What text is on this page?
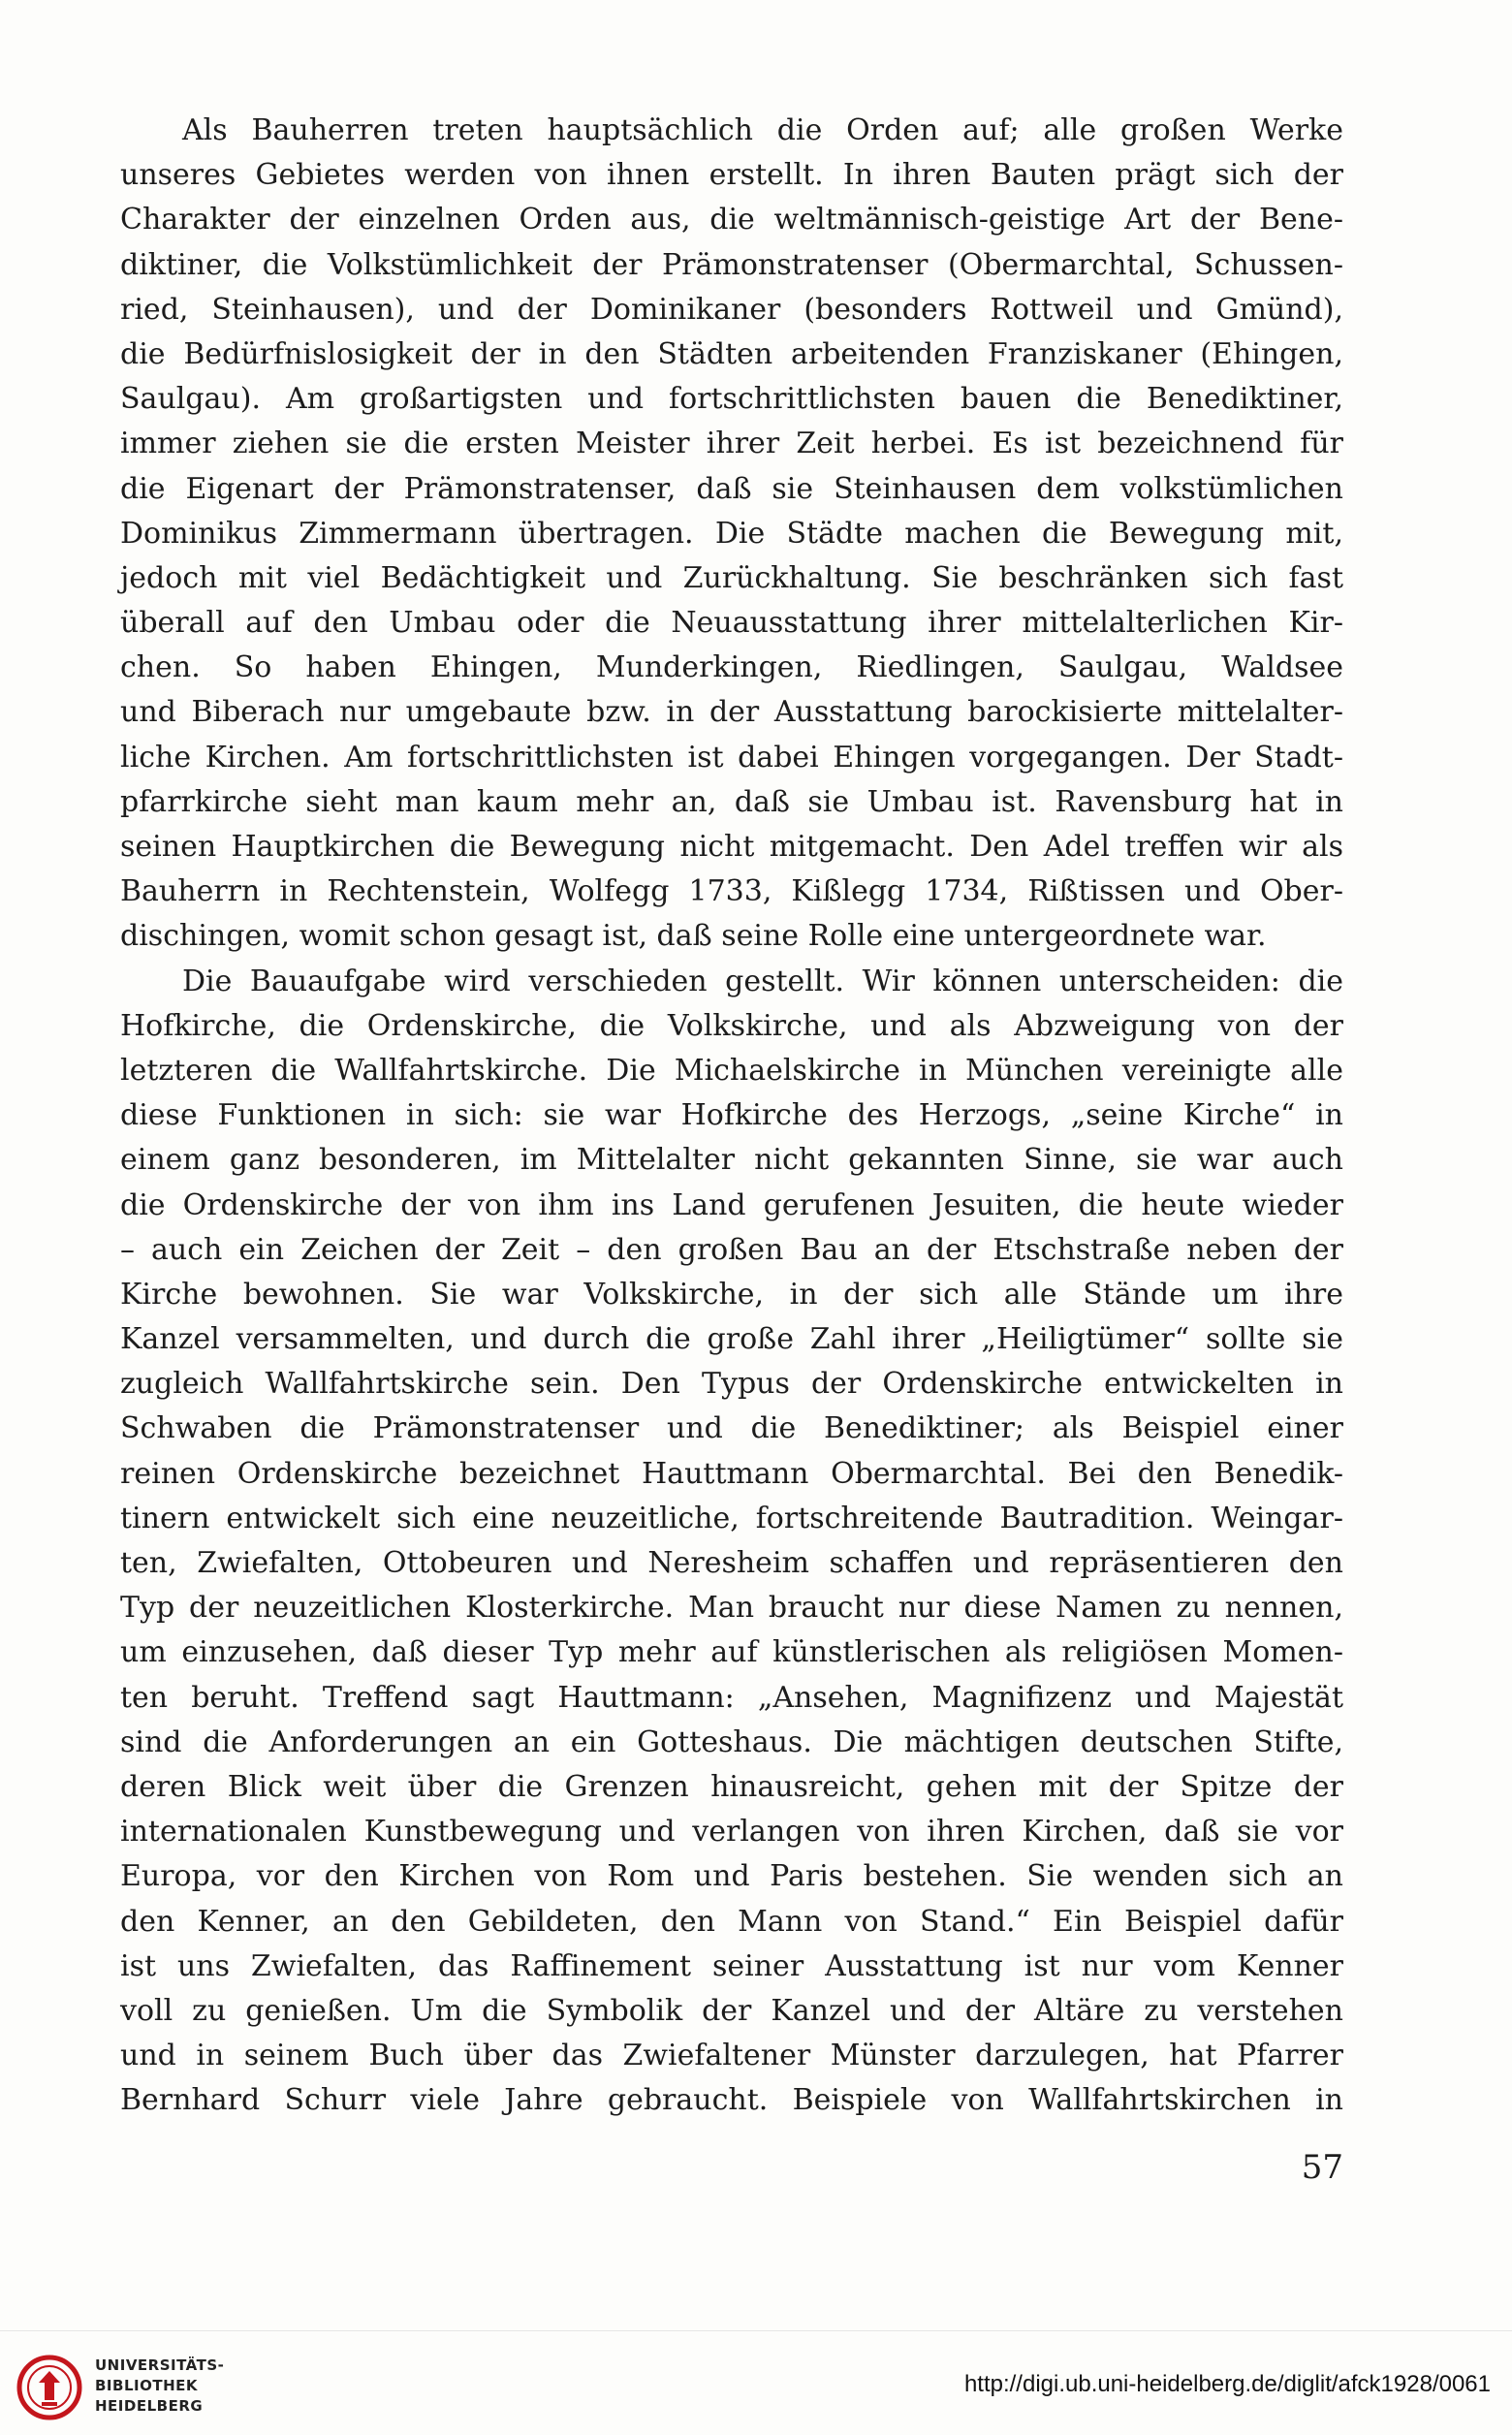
Als Bauherren treten hauptsächlich die Orden auf; alle großen Werke
unseres Gebietes werden von ihnen erstellt. In ihren Bauten prägt sich der
Charakter der einzelnen Orden aus, die weltmännisch-geistige Art der Bene-
diktiner, die Volkstümlichkeit der Prämonstratenser (Obermarchtal, Schussen-
ried, Steinhausen), und der Dominikaner (besonders Rottweil und Gmünd),
die Bedürfnislosigkeit der in den Städten arbeitenden Franziskaner (Ehingen,
Saulgau). Am großartigsten und fortschrittlichsten bauen die Benediktiner,
immer ziehen sie die ersten Meister ihrer Zeit herbei. Es ist bezeichnend für
die Eigenart der Prämonstratenser, daß sie Steinhausen dem volkstümlichen
Dominikus Zimmermann übertragen. Die Städte machen die Bewegung mit,
jedoch mit viel Bedächtigkeit und Zurückhaltung. Sie beschränken sich fast
überall auf den Umbau oder die Neuausstattung ihrer mittelalterlichen Kir-
chen. So haben Ehingen, Munderkingen, Riedlingen, Saulgau, Waldsee
und Biberach nur umgebaute bzw. in der Ausstattung barockisierte mittelalter-
liche Kirchen. Am fortschrittlichsten ist dabei Ehingen vorgegangen. Der Stadt-
pfarrkirche sieht man kaum mehr an, daß sie Umbau ist. Ravensburg hat in
seinen Hauptkirchen die Bewegung nicht mitgemacht. Den Adel treffen wir als
Bauherrn in Rechtenstein, Wolfegg 1733, Kißlegg 1734, Rißtissen und Ober-
dischingen, womit schon gesagt ist, daß seine Rolle eine untergeordnete war.
Die Bauaufgabe wird verschieden gestellt. Wir können unterscheiden: die
Hofkirche, die Ordenskirche, die Volkskirche, und als Abzweigung von der
letzteren die Wallfahrtskirche. Die Michaelskirche in München vereinigte alle
diese Funktionen in sich: sie war Hofkirche des Herzogs, „seine Kirche“ in
einem ganz besonderen, im Mittelalter nicht gekannten Sinne, sie war auch
die Ordenskirche der von ihm ins Land gerufenen Jesuiten, die heute wieder
– auch ein Zeichen der Zeit – den großen Bau an der Etschstraße neben der
Kirche bewohnen. Sie war Volkskirche, in der sich alle Stände um ihre
Kanzel versammelten, und durch die große Zahl ihrer „Heiligtümer“ sollte sie
zugleich Wallfahrtskirche sein. Den Typus der Ordenskirche entwickelten in
Schwaben die Prämonstratenser und die Benediktiner; als Beispiel einer
reinen Ordenskirche bezeichnet Hauttmann Obermarchtal. Bei den Benedik-
tinern entwickelt sich eine neuzeitliche, fortschreitende Bautradition. Weingar-
ten, Zwiefalten, Ottobeuren und Neresheim schaffen und repräsentieren den
Typ der neuzeitlichen Klosterkirche. Man braucht nur diese Namen zu nennen,
um einzusehen, daß dieser Typ mehr auf künstlerischen als religiösen Momen-
ten beruht. Treffend sagt Hauttmann: „Ansehen, Magnifizenz und Majestät
sind die Anforderungen an ein Gotteshaus. Die mächtigen deutschen Stifte,
deren Blick weit über die Grenzen hinausreicht, gehen mit der Spitze der
internationalen Kunstbewegung und verlangen von ihren Kirchen, daß sie vor
Europa, vor den Kirchen von Rom und Paris bestehen. Sie wenden sich an
den Kenner, an den Gebildeten, den Mann von Stand.“ Ein Beispiel dafür
ist uns Zwiefalten, das Raffinement seiner Ausstattung ist nur vom Kenner
voll zu genießen. Um die Symbolik der Kanzel und der Altäre zu verstehen
und in seinem Buch über das Zwiefaltener Münster darzulegen, hat Pfarrer
Bernhard Schurr viele Jahre gebraucht. Beispiele von Wallfahrtskirchen in
57
UNIVERSITÄTS-
BIBLIOTHEK
HEIDELBERG
http://digi.ub.uni-heidelberg.de/diglit/afck1928/0061
